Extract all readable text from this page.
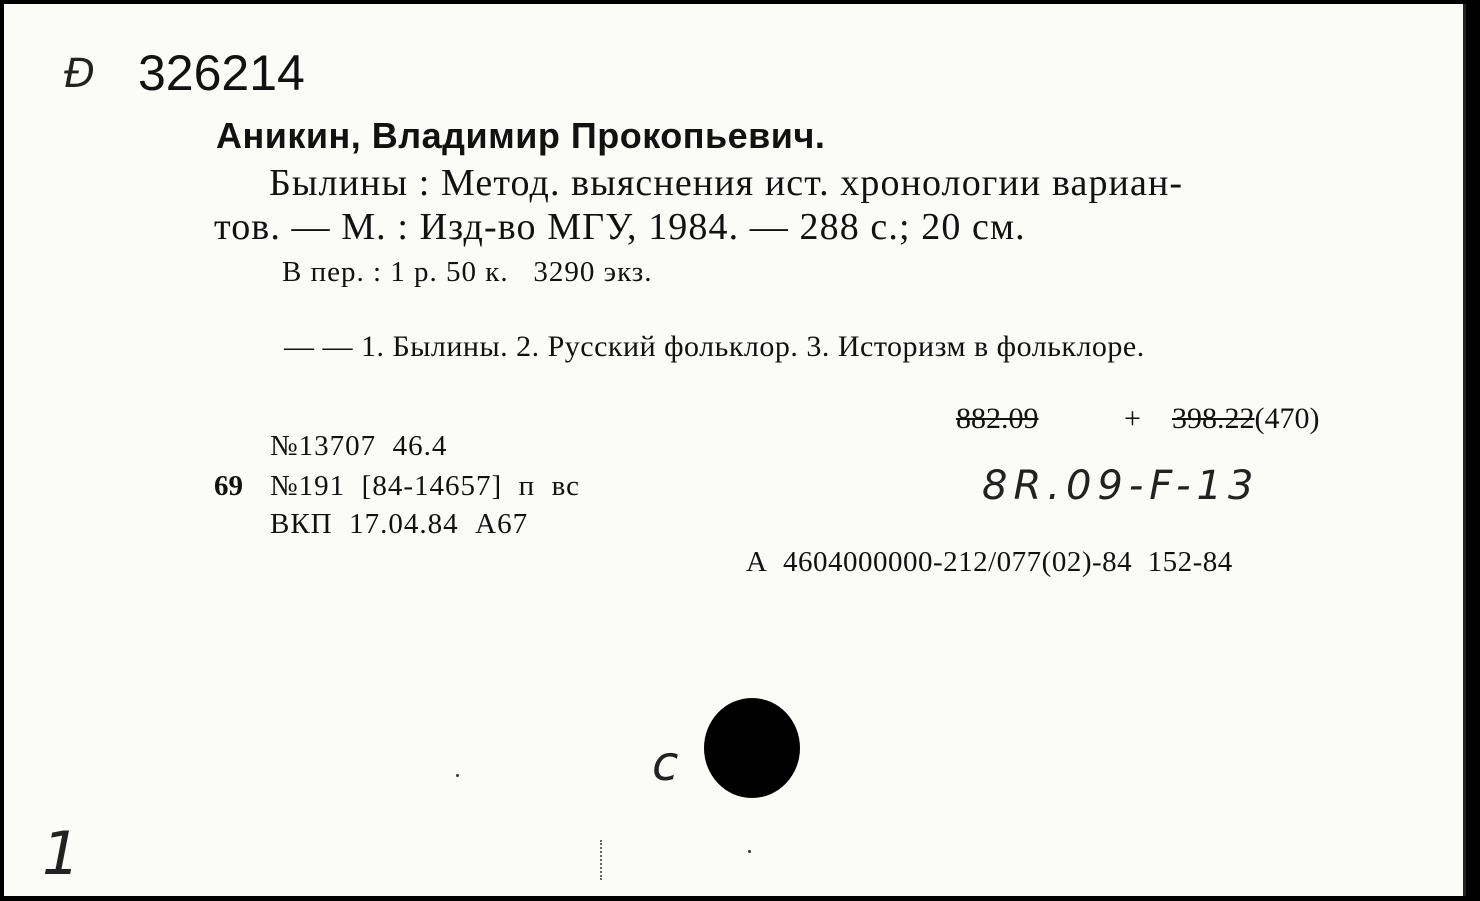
Ð 326214
Аникин, Владимир Прокопьевич.
Былины : Метод. выяснения ист. хронологии вариан-
тов. — М. : Изд-во МГУ, 1984. — 288 с.; 20 см.
В пер. : 1 р. 50 к.   3290 экз.
— — 1. Былины. 2. Русский фольклор. 3. Историзм в фольклоре.
882.09	+ 398.22(470)
8R.09-F-13
№13707  46.4
69 №191  [84-14657]  п  вс
ВКП  17.04.84  А67
А  4604000000-212/077(02)-84  152-84
с
1
